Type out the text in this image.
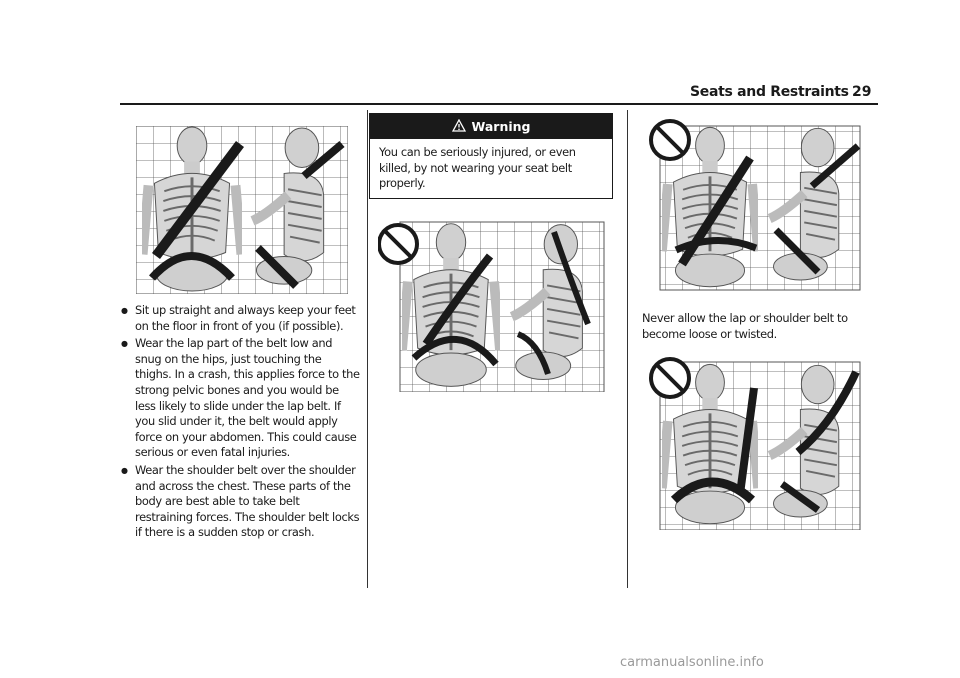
Seats and Restraints 29
● Sit up straight and always keep your feet on the floor in front of you (if possible).
● Wear the lap part of the belt low and snug on the hips, just touching the thighs. In a crash, this applies force to the strong pelvic bones and you would be less likely to slide under the lap belt. If you slid under it, the belt would apply force on your abdomen. This could cause serious or even fatal injuries.
● Wear the shoulder belt over the shoulder and across the chest. These parts of the body are best able to take belt restraining forces. The shoulder belt locks if there is a sudden stop or crash.
Warning
You can be seriously injured, or even killed, by not wearing your seat belt properly.

Never allow the lap or shoulder belt to become loose or twisted.

carmanualsonline.info
